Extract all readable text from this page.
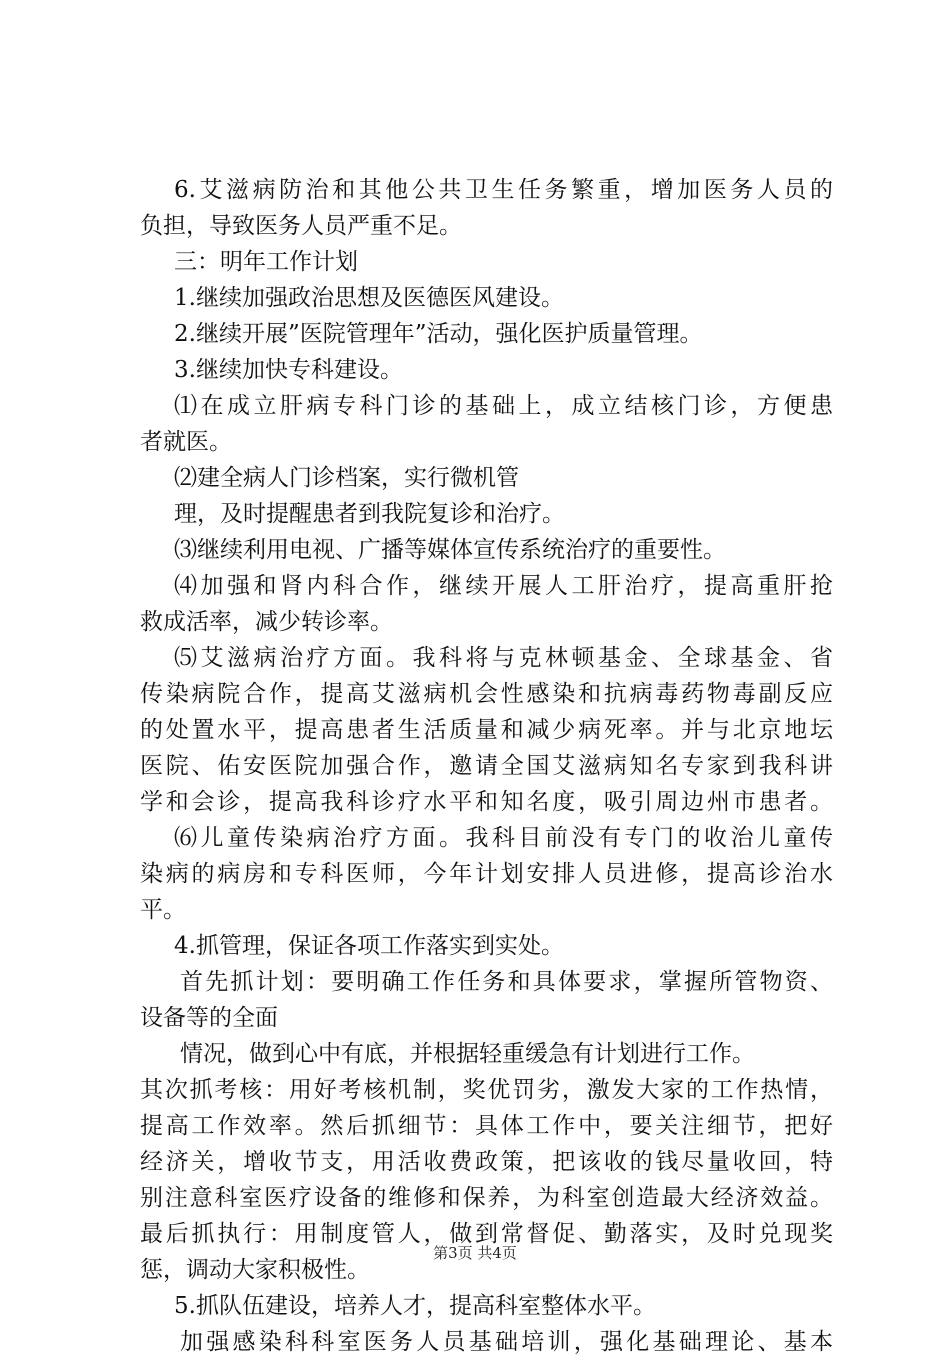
6.艾滋病防治和其他公共卫生任务繁重，增加医务人员的
负担，导致医务人员严重不足。
三：明年工作计划
1.继续加强政治思想及医德医风建设。
2.继续开展”医院管理年”活动，强化医护质量管理。
3.继续加快专科建设。
⑴在成立肝病专科门诊的基础上，成立结核门诊，方便患
者就医。
⑵建全病人门诊档案，实行微机管
理，及时提醒患者到我院复诊和治疗。
⑶继续利用电视、广播等媒体宣传系统治疗的重要性。
⑷加强和肾内科合作，继续开展人工肝治疗，提高重肝抢
救成活率，减少转诊率。
⑸艾滋病治疗方面。我科将与克林顿基金、全球基金、省
传染病院合作，提高艾滋病机会性感染和抗病毒药物毒副反应
的处置水平，提高患者生活质量和减少病死率。并与北京地坛
医院、佑安医院加强合作，邀请全国艾滋病知名专家到我科讲
学和会诊，提高我科诊疗水平和知名度，吸引周边州市患者。
⑹儿童传染病治疗方面。我科目前没有专门的收治儿童传
染病的病房和专科医师，今年计划安排人员进修，提高诊治水
平。
4.抓管理，保证各项工作落实到实处。
首先抓计划：要明确工作任务和具体要求，掌握所管物资、
设备等的全面
情况，做到心中有底，并根据轻重缓急有计划进行工作。
其次抓考核：用好考核机制，奖优罚劣，激发大家的工作热情，
提高工作效率。然后抓细节：具体工作中，要关注细节，把好
经济关，增收节支，用活收费政策，把该收的钱尽量收回，特
别注意科室医疗设备的维修和保养，为科室创造最大经济效益。
最后抓执行：用制度管人，做到常督促、勤落实，及时兑现奖
惩，调动大家积极性。
5.抓队伍建设，培养人才，提高科室整体水平。
加强感染科科室医务人员基础培训，强化基础理论、基本
第3页 共4页
